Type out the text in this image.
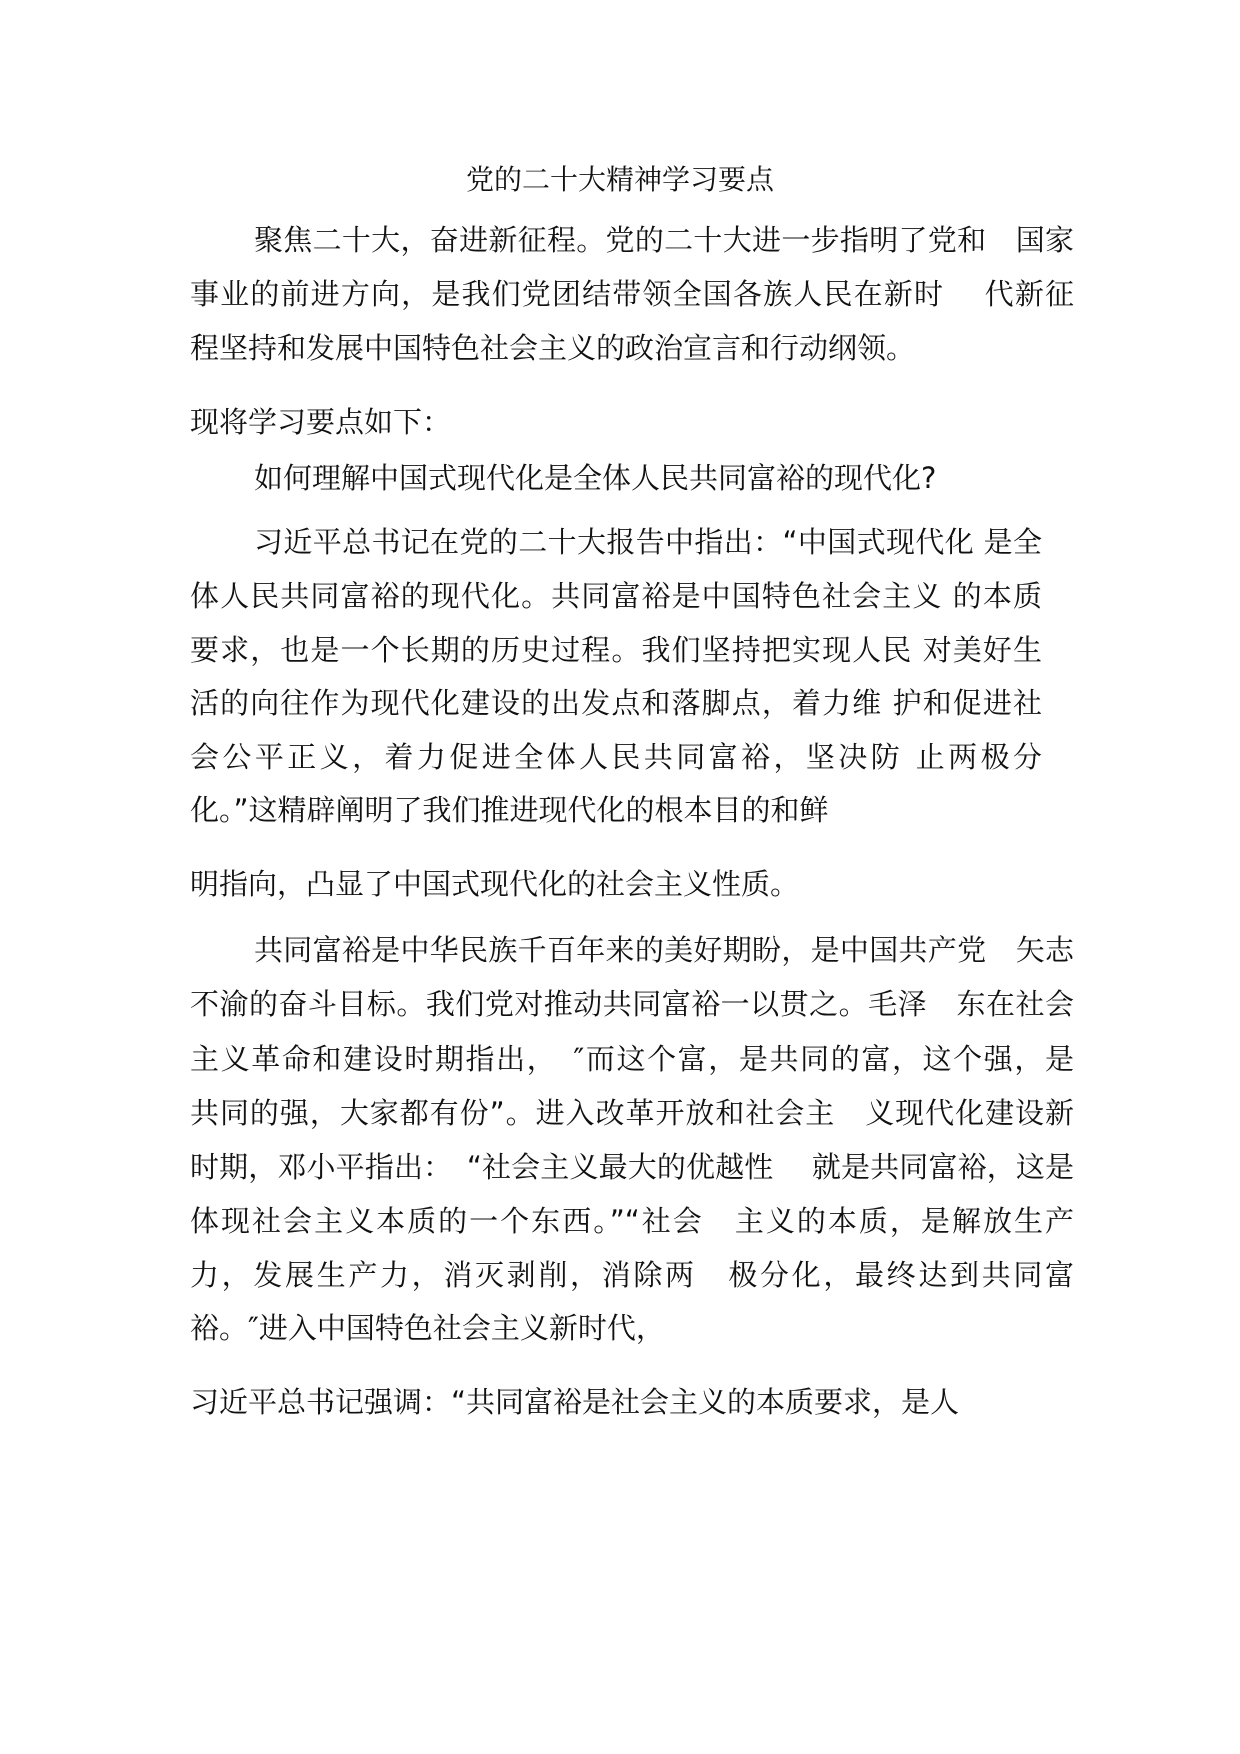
党的二十大精神学习要点
聚焦二十大，奋进新征程。党的二十大进一步指明了党和　国家
事业的前进方向，是我们党团结带领全国各族人民在新时　 代新征
程坚持和发展中国特色社会主义的政治宣言和行动纲领。
现将学习要点如下：
如何理解中国式现代化是全体人民共同富裕的现代化?
习近平总书记在党的二十大报告中指出：“中国式现代化 是全
体人民共同富裕的现代化。共同富裕是中国特色社会主义 的本质
要求，也是一个长期的历史过程。我们坚持把实现人民 对美好生
活的向往作为现代化建设的出发点和落脚点，着力维 护和促进社
会公平正义，着力促进全体人民共同富裕，坚决防 止两极分
化。”这精辟阐明了我们推进现代化的根本目的和鲜
明指向，凸显了中国式现代化的社会主义性质。
共同富裕是中华民族千百年来的美好期盼，是中国共产党　矢志
不渝的奋斗目标。我们党对推动共同富裕一以贯之。毛泽　东在社会
主义革命和建设时期指出，　″而这个富，是共同的富，这个强，是
共同的强，大家都有份”。进入改革开放和社会主　义现代化建设新
时期，邓小平指出：　“社会主义最大的优越性　 就是共同富裕，这是
体现社会主义本质的一个东西。”“社会　主义的本质，是解放生产
力，发展生产力，消灭剥削，消除两　极分化，最终达到共同富
裕。″进入中国特色社会主义新时代，
习近平总书记强调：“共同富裕是社会主义的本质要求，是人
